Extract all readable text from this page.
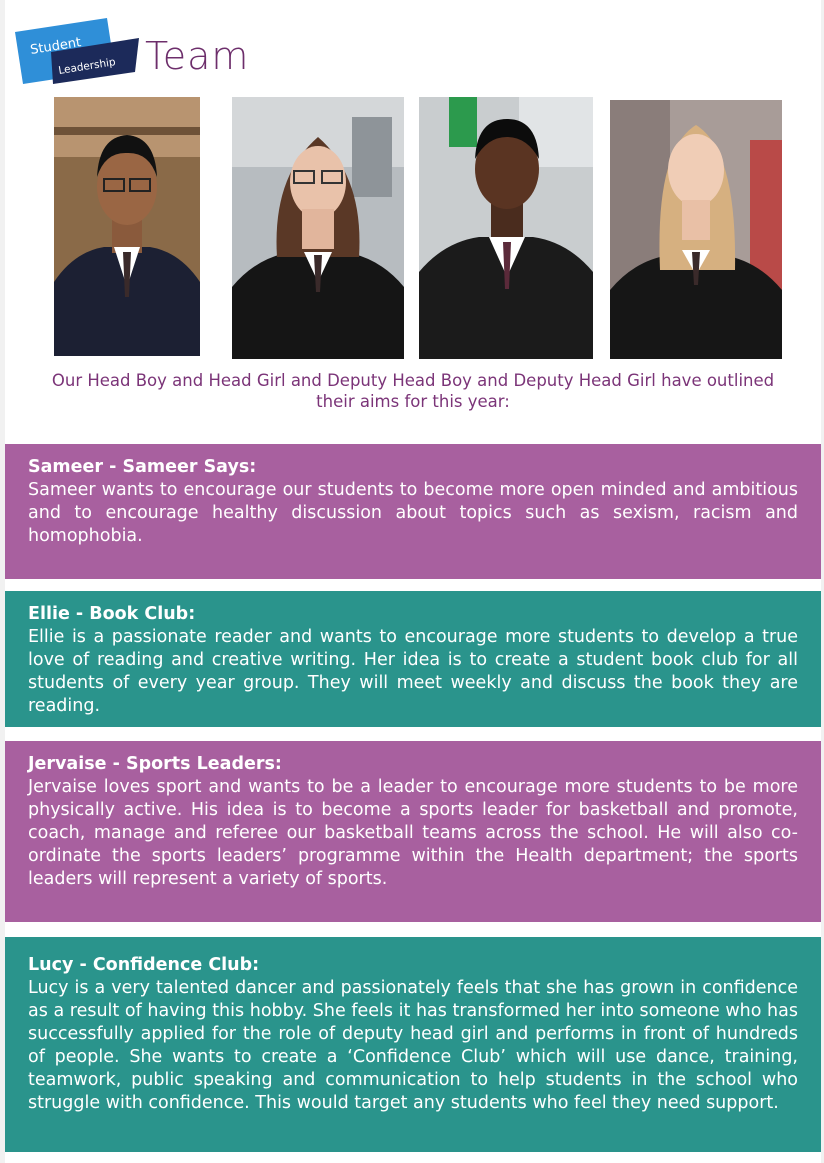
Student
Leadership Team
Our Head Boy and Head Girl and Deputy Head Boy and Deputy Head Girl have outlined their aims for this year:
Sameer - Sameer Says:

Sameer wants to encourage our students to become more open minded and ambitious and to encourage healthy discussion about topics such as sexism, racism and homophobia.

Ellie - Book Club:

Ellie is a passionate reader and wants to encourage more students to develop a true love of reading and creative writing. Her idea is to create a student book club for all students of every year group. They will meet weekly and discuss the book they are reading.

Jervaise - Sports Leaders:

Jervaise loves sport and wants to be a leader to encourage more students to be more physically active. His idea is to become a sports leader for basketball and promote, coach, manage and referee our basketball teams across the school. He will also co-ordinate the sports leaders’ programme within the Health department; the sports leaders will represent a variety of sports.

Lucy - Confidence Club:

Lucy is a very talented dancer and passionately feels that she has grown in confidence as a result of having this hobby. She feels it has transformed her into someone who has successfully applied for the role of deputy head girl and performs in front of hundreds of people. She wants to create a ‘Confidence Club’ which will use dance, training, teamwork, public speaking and communication to help students in the school who struggle with confidence. This would target any students who feel they need support.
